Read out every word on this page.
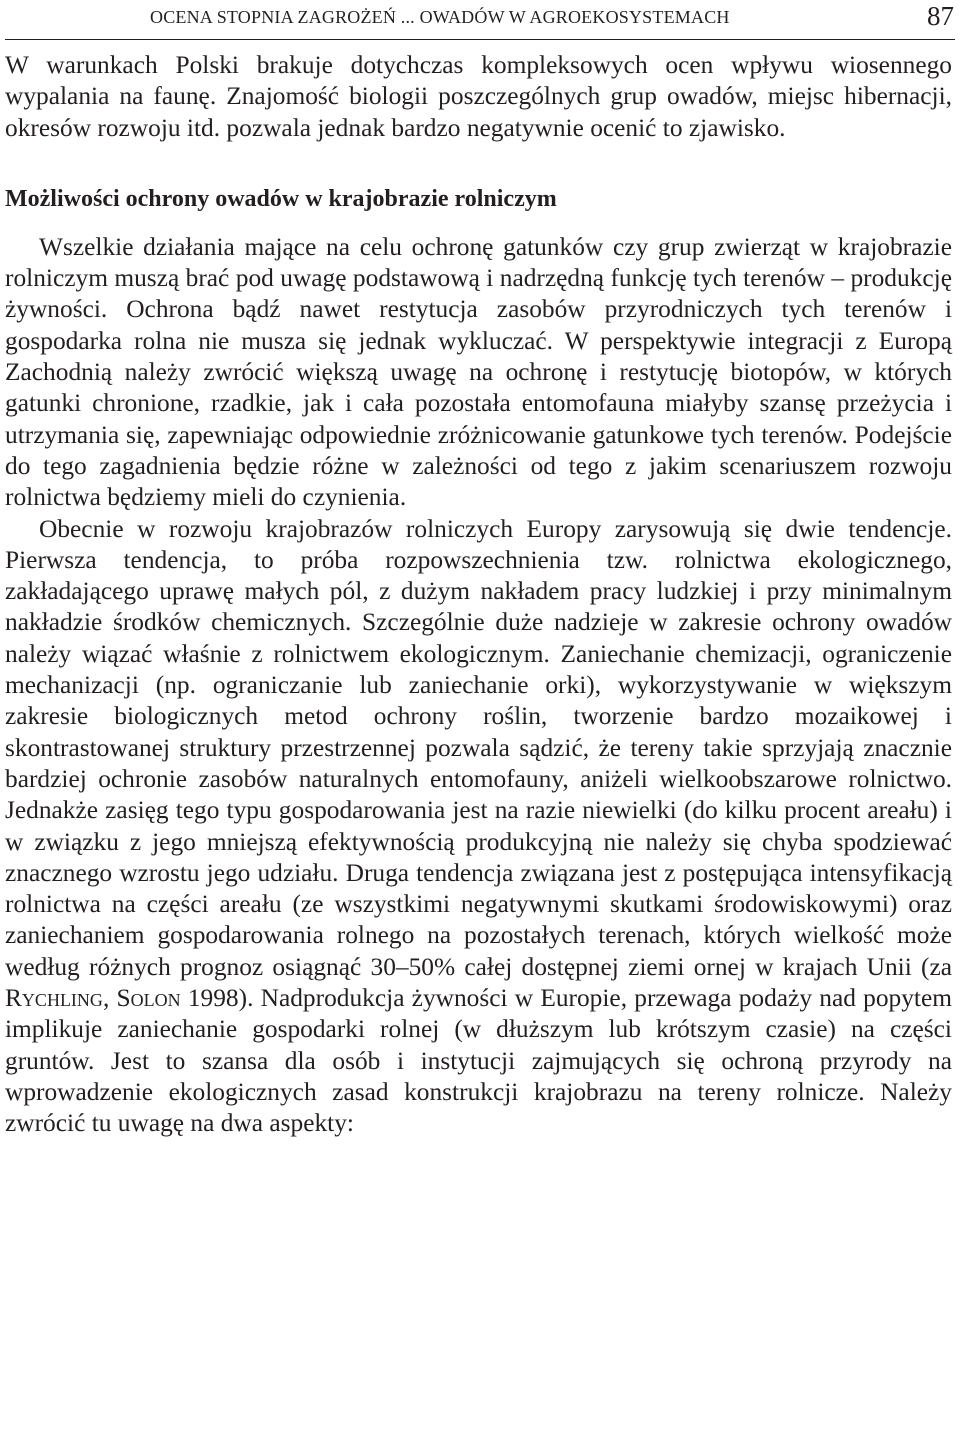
OCENA STOPNIA ZAGROŻEŃ ... OWADÓW W AGROEKOSYSTEMACH	87

W warunkach Polski brakuje dotychczas kompleksowych ocen wpływu wiosennego wypalania na faunę. Znajomość biologii poszczególnych grup owadów, miejsc hibernacji, okresów rozwoju itd. pozwala jednak bardzo negatywnie ocenić to zjawisko.

Możliwości ochrony owadów w krajobrazie rolniczym

Wszelkie działania mające na celu ochronę gatunków czy grup zwierząt w krajobrazie rolniczym muszą brać pod uwagę podstawową i nadrzędną funkcję tych terenów – produkcję żywności. Ochrona bądź nawet restytucja zasobów przyrodniczych tych terenów i gospodarka rolna nie musza się jednak wykluczać. W perspektywie integracji z Europą Zachodnią należy zwrócić większą uwagę na ochronę i restytucję biotopów, w których gatunki chronione, rzadkie, jak i cała pozostała entomofauna miałyby szansę przeżycia i utrzymania się, zapewniając odpowiednie zróżnicowanie gatunkowe tych terenów. Podejście do tego zagadnienia będzie różne w zależności od tego z jakim scenariuszem rozwoju rolnictwa będziemy mieli do czynienia.

Obecnie w rozwoju krajobrazów rolniczych Europy zarysowują się dwie tendencje. Pierwsza tendencja, to próba rozpowszechnienia tzw. rolnictwa ekologicznego, zakładającego uprawę małych pól, z dużym nakładem pracy ludzkiej i przy minimalnym nakładzie środków chemicznych. Szczególnie duże nadzieje w zakresie ochrony owadów należy wiązać właśnie z rolnictwem ekologicznym. Zaniechanie chemizacji, ograniczenie mechanizacji (np. ograniczanie lub zaniechanie orki), wykorzystywanie w większym zakresie biologicznych metod ochrony roślin, tworzenie bardzo mozaikowej i skontrastowanej struktury przestrzennej pozwala sądzić, że tereny takie sprzyjają znacznie bardziej ochronie zasobów naturalnych entomofauny, aniżeli wielkoobszarowe rolnictwo. Jednakże zasięg tego typu gospodarowania jest na razie niewielki (do kilku procent areału) i w związku z jego mniejszą efektywnością produkcyjną nie należy się chyba spodziewać znacznego wzrostu jego udziału. Druga tendencja związana jest z postępująca intensyfikacją rolnictwa na części areału (ze wszystkimi negatywnymi skutkami środowiskowymi) oraz zaniechaniem gospodarowania rolnego na pozostałych terenach, których wielkość może według różnych prognoz osiągnąć 30–50% całej dostępnej ziemi ornej w krajach Unii (za Rychling, Solon 1998). Nadprodukcja żywności w Europie, przewaga podaży nad popytem implikuje zaniechanie gospodarki rolnej (w dłuższym lub krótszym czasie) na części gruntów. Jest to szansa dla osób i instytucji zajmujących się ochroną przyrody na wprowadzenie ekologicznych zasad konstrukcji krajobrazu na tereny rolnicze. Należy zwrócić tu uwagę na dwa aspekty:
